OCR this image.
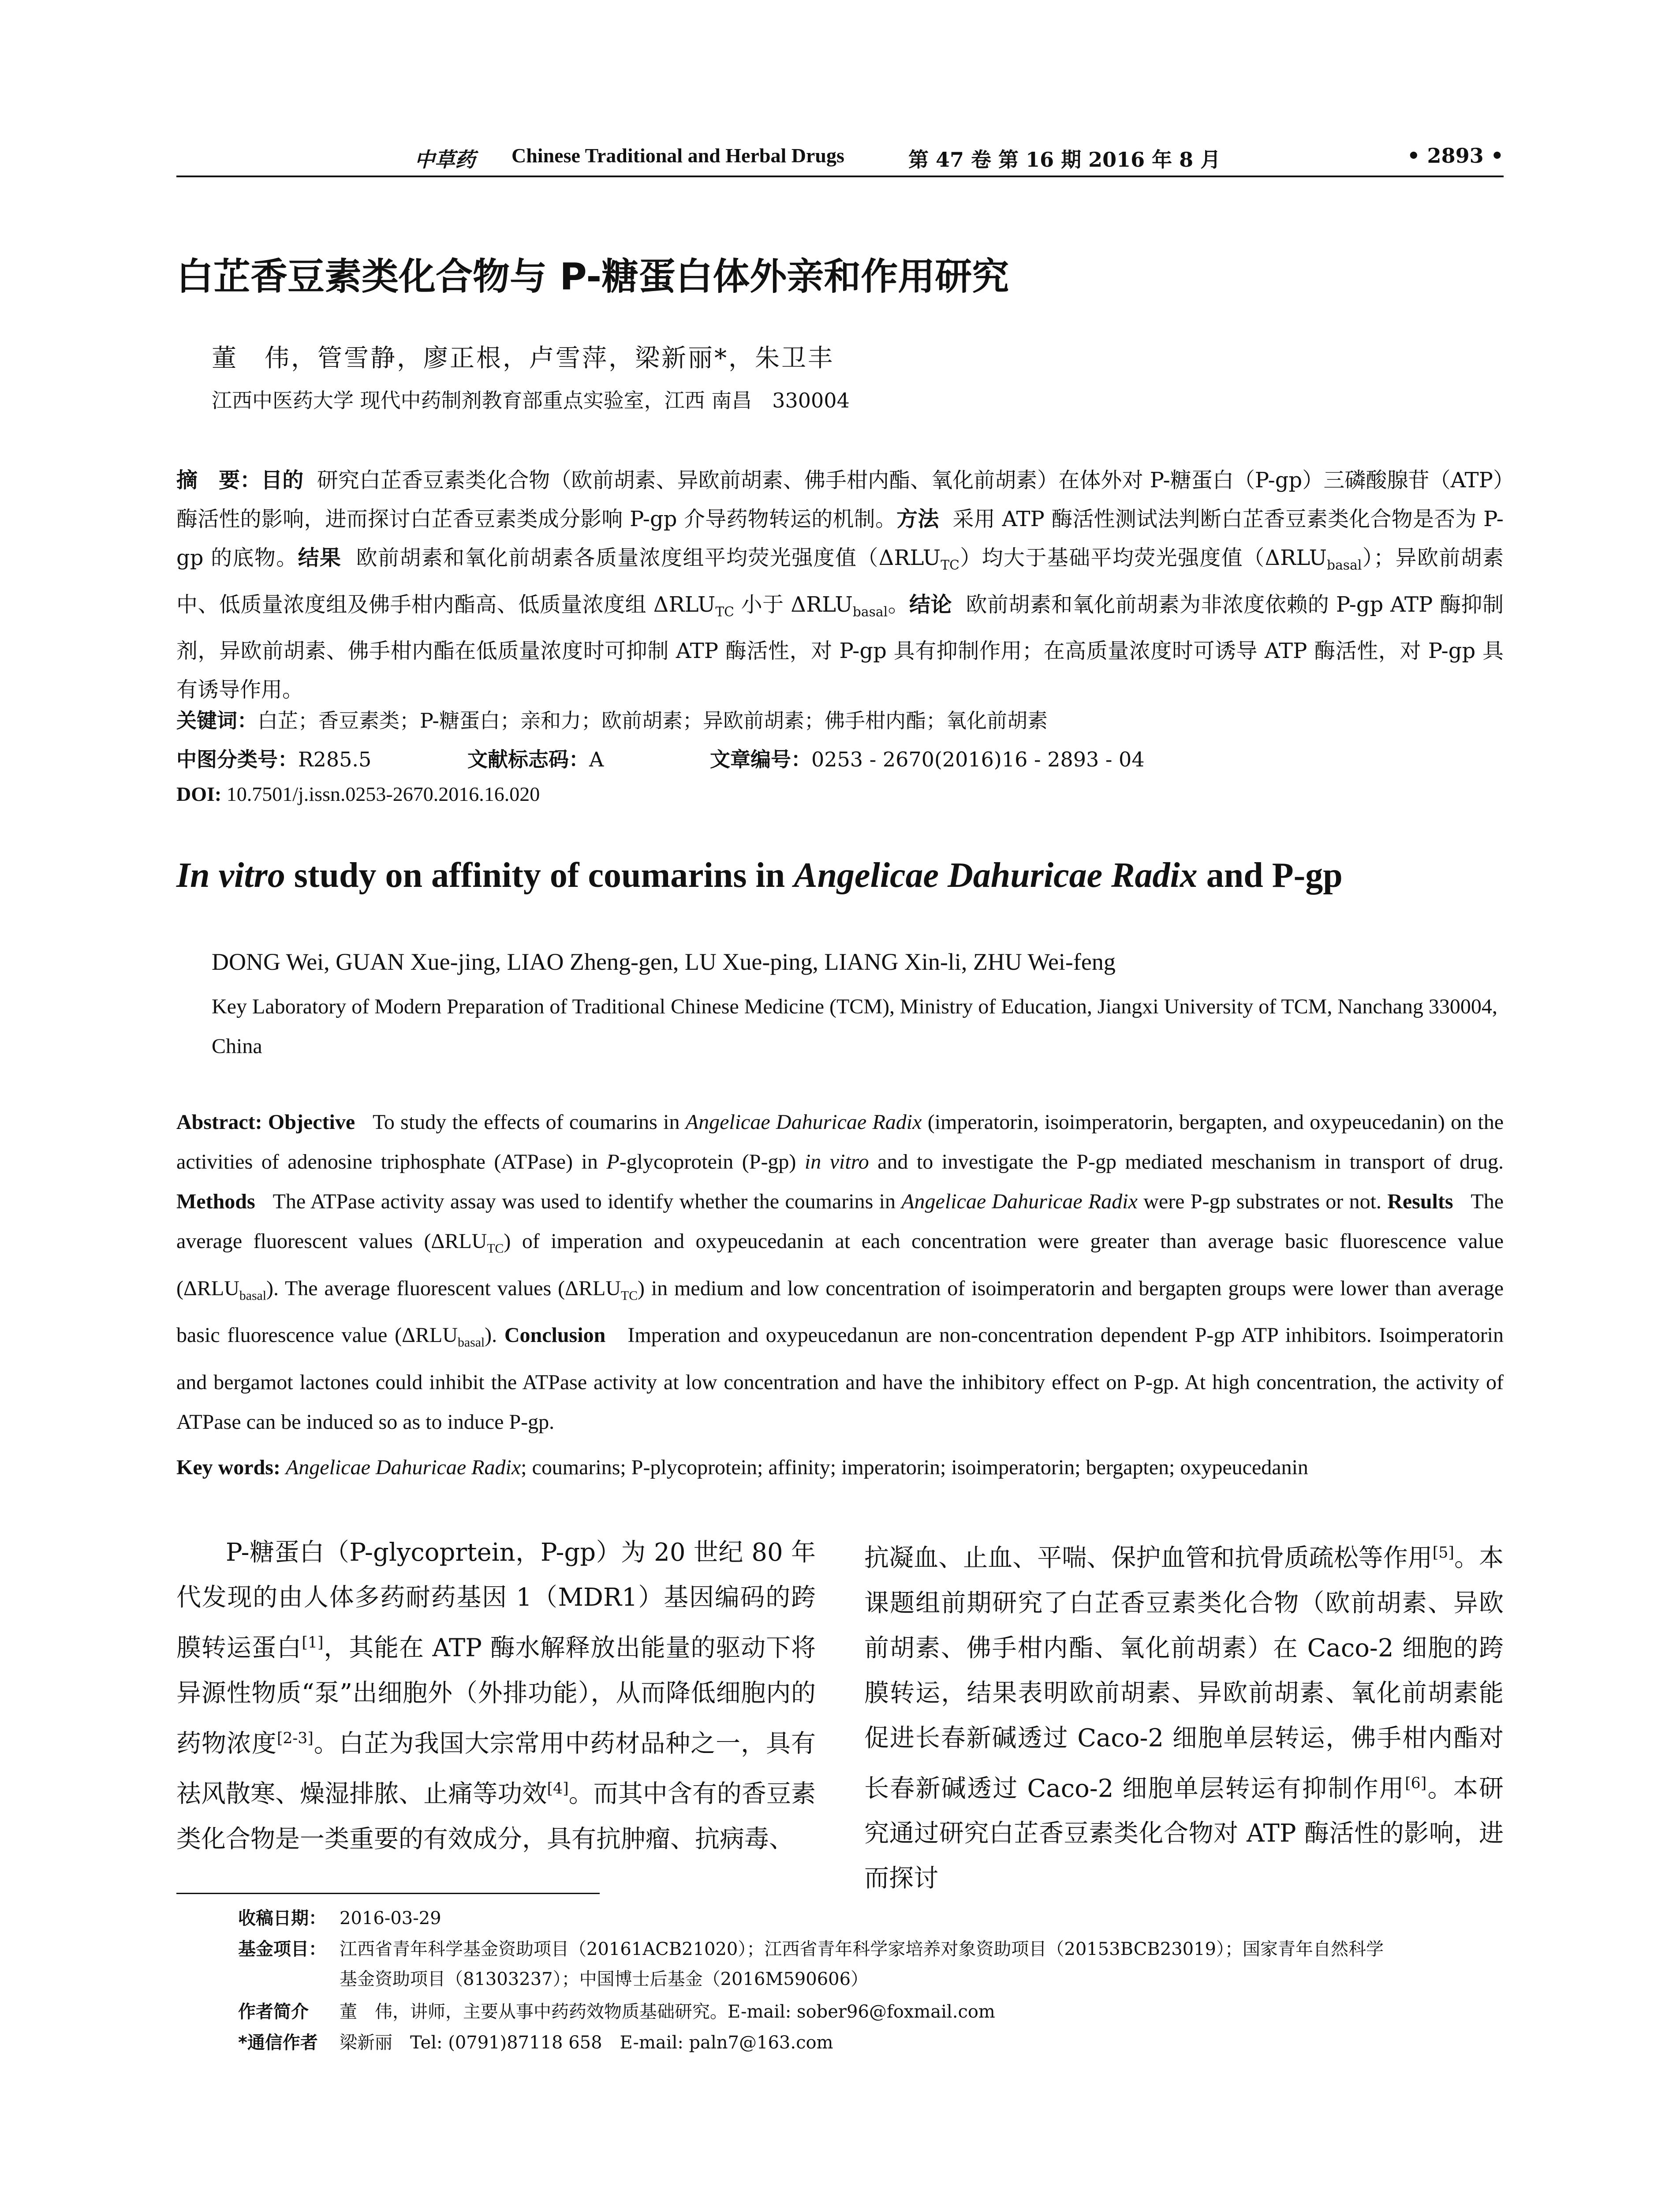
中草药 Chinese Traditional and Herbal Drugs	第 47 卷 第 16 期 2016 年 8 月	• 2893 •
白芷香豆素类化合物与 P-糖蛋白体外亲和作用研究
董　伟，管雪静，廖正根，卢雪萍，梁新丽*，朱卫丰
江西中医药大学 现代中药制剂教育部重点实验室，江西 南昌　330004
摘　要：目的 研究白芷香豆素类化合物（欧前胡素、异欧前胡素、佛手柑内酯、氧化前胡素）在体外对 P-糖蛋白（P-gp）三磷酸腺苷（ATP）酶活性的影响，进而探讨白芷香豆素类成分影响 P-gp 介导药物转运的机制。方法 采用 ATP 酶活性测试法判断白芷香豆素类化合物是否为 P-gp 的底物。结果 欧前胡素和氧化前胡素各质量浓度组平均荧光强度值$(\Delta RLU_{TC})$均大于基础平均荧光强度值$(\Delta RLU_{basal})$；异欧前胡素中、低质量浓度组及佛手柑内酯高、低质量浓度组 $\Delta RLU_{TC}$ 小于 $\Delta RLU_{basal}$。结论 欧前胡素和氧化前胡素为非浓度依赖的 P-gp ATP 酶抑制剂，异欧前胡素、佛手柑内酯在低质量浓度时可抑制 ATP 酶活性，对 P-gp 具有抑制作用；在高质量浓度时可诱导 ATP 酶活性，对 P-gp 具有诱导作用。
关键词：白芷；香豆素类；P-糖蛋白；亲和力；欧前胡素；异欧前胡素；佛手柑内酯；氧化前胡素
中图分类号：R285.5	文献标志码：A	文章编号：0253 - 2670(2016)16 - 2893 - 04
DOI: 10.7501/j.issn.0253-2670.2016.16.020
In vitro study on affinity of coumarins in Angelicae Dahuricae Radix and P-gp
DONG Wei, GUAN Xue-jing, LIAO Zheng-gen, LU Xue-ping, LIANG Xin-li, ZHU Wei-feng
Key Laboratory of Modern Preparation of Traditional Chinese Medicine (TCM), Ministry of Education, Jiangxi University of TCM, Nanchang 330004, China
Abstract: Objective To study the effects of coumarins in Angelicae Dahuricae Radix (imperatorin, isoimperatorin, bergapten, and oxypeucedanin) on the activities of adenosine triphosphate (ATPase) in P-glycoprotein (P-gp) in vitro and to investigate the P-gp mediated meschanism in transport of drug. Methods The ATPase activity assay was used to identify whether the coumarins in Angelicae Dahuricae Radix were P-gp substrates or not. Results The average fluorescent values $(\Delta RLU_{TC})$ of imperation and oxypeucedanin at each concentration were greater than average basic fluorescence value $(\Delta RLU_{basal})$. The average fluorescent values $(\Delta RLU_{TC})$ in medium and low concentration of isoimperatorin and bergapten groups were lower than average basic fluorescence value $(\Delta RLU_{basal})$. Conclusion Imperation and oxypeucedanun are non-concentration dependent P-gp ATP inhibitors. Isoimperatorin and bergamot lactones could inhibit the ATPase activity at low concentration and have the inhibitory effect on P-gp. At high concentration, the activity of ATPase can be induced so as to induce P-gp.
Key words: Angelicae Dahuricae Radix; coumarins; P-plycoprotein; affinity; imperatorin; isoimperatorin; bergapten; oxypeucedanin
P-糖蛋白（P-glycoprtein，P-gp）为 20 世纪 80 年代发现的由人体多药耐药基因 1（MDR1）基因编码的跨膜转运蛋白[1]，其能在 ATP 酶水解释放出能量的驱动下将异源性物质“泵”出细胞外（外排功能），从而降低细胞内的药物浓度[2-3]。白芷为我国大宗常用中药材品种之一，具有祛风散寒、燥湿排脓、止痛等功效[4]。而其中含有的香豆素类化合物是一类重要的有效成分，具有抗肿瘤、抗病毒、
抗凝血、止血、平喘、保护血管和抗骨质疏松等作用[5]。本课题组前期研究了白芷香豆素类化合物（欧前胡素、异欧前胡素、佛手柑内酯、氧化前胡素）在 Caco-2 细胞的跨膜转运，结果表明欧前胡素、异欧前胡素、氧化前胡素能促进长春新碱透过 Caco-2 细胞单层转运，佛手柑内酯对长春新碱透过 Caco-2 细胞单层转运有抑制作用[6]。本研究通过研究白芷香豆素类化合物对 ATP 酶活性的影响，进而探讨
收稿日期： 2016-03-29
基金项目： 江西省青年科学基金资助项目（20161ACB21020）；江西省青年科学家培养对象资助项目（20153BCB23019）；国家青年自然科学
基金资助项目（81303237）；中国博士后基金（2016M590606）
作者简介 董　伟，讲师，主要从事中药药效物质基础研究。E-mail: sober96@foxmail.com
*通信作者 梁新丽　Tel: (0791)87118 658　E-mail: paln7@163.com
